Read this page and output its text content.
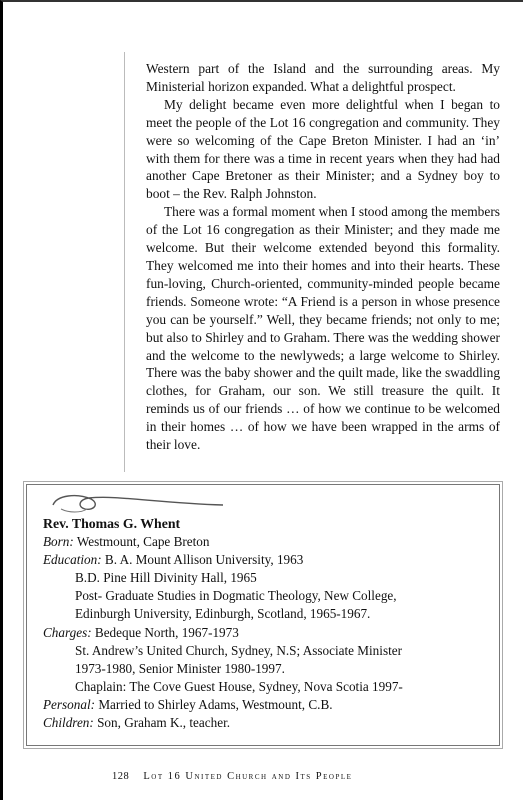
Western part of the Island and the surrounding areas. My Ministerial horizon expanded. What a delightful prospect.

My delight became even more delightful when I began to meet the people of the Lot 16 congregation and community. They were so welcoming of the Cape Breton Minister. I had an ‘in’ with them for there was a time in recent years when they had had another Cape Bretoner as their Minister; and a Sydney boy to boot – the Rev. Ralph Johnston.

There was a formal moment when I stood among the members of the Lot 16 congregation as their Minister; and they made me welcome. But their welcome extended beyond this formality. They welcomed me into their homes and into their hearts. These fun-loving, Church-oriented, community-minded people became friends. Someone wrote: “A Friend is a person in whose presence you can be yourself.” Well, they became friends; not only to me; but also to Shirley and to Graham. There was the wedding shower and the welcome to the newlyweds; a large welcome to Shirley. There was the baby shower and the quilt made, like the swaddling clothes, for Graham, our son. We still treasure the quilt. It reminds us of our friends … of how we continue to be welcomed in their homes … of how we have been wrapped in the arms of their love.

Rev. Thomas G. Whent
Born: Westmount, Cape Breton
Education: B. A. Mount Allison University, 1963
B.D. Pine Hill Divinity Hall, 1965
Post- Graduate Studies in Dogmatic Theology, New College,
Edinburgh University, Edinburgh, Scotland, 1965-1967.
Charges: Bedeque North, 1967-1973
St. Andrew’s United Church, Sydney, N.S; Associate Minister
1973-1980, Senior Minister 1980-1997.
Chaplain: The Cove Guest House, Sydney, Nova Scotia 1997-
Personal: Married to Shirley Adams, Westmount, C.B.
Children: Son, Graham K., teacher.
128 Lot 16 United Church and Its People
